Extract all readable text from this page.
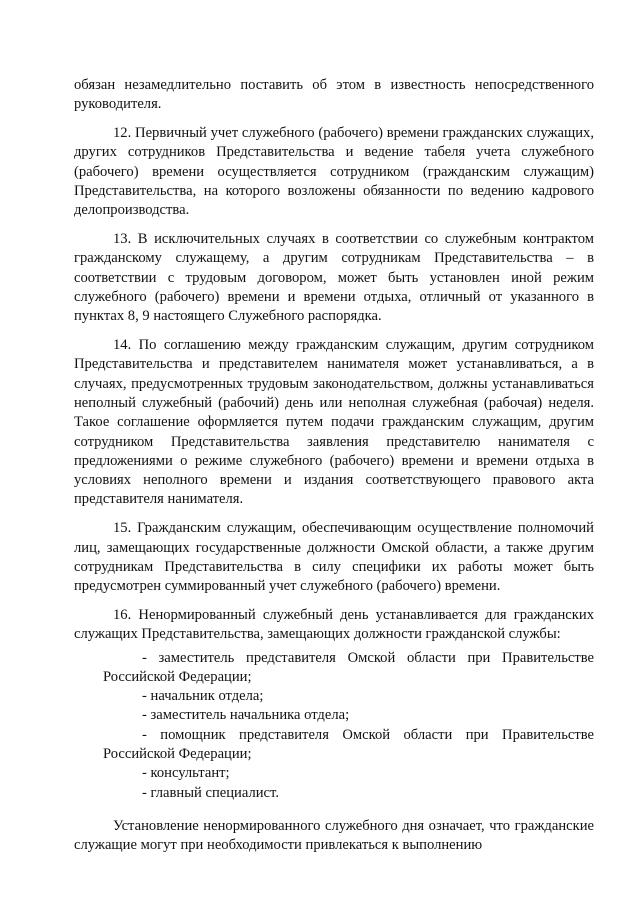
обязан незамедлительно поставить об этом в известность непосредственного руководителя.

12. Первичный учет служебного (рабочего) времени гражданских служащих, других сотрудников Представительства и ведение табеля учета служебного (рабочего) времени осуществляется сотрудником (гражданским служащим) Представительства, на которого возложены обязанности по ведению кадрового делопроизводства.

13. В исключительных случаях в соответствии со служебным контрактом гражданскому служащему, а другим сотрудникам Представительства – в соответствии с трудовым договором, может быть установлен иной режим служебного (рабочего) времени и времени отдыха, отличный от указанного в пунктах 8, 9 настоящего Служебного распорядка.

14. По соглашению между гражданским служащим, другим сотрудником Представительства и представителем нанимателя может устанавливаться, а в случаях, предусмотренных трудовым законодательством, должны устанавливаться неполный служебный (рабочий) день или неполная служебная (рабочая) неделя. Такое соглашение оформляется путем подачи гражданским служащим, другим сотрудником Представительства заявления представителю нанимателя с предложениями о режиме служебного (рабочего) времени и времени отдыха в условиях неполного времени и издания соответствующего правового акта представителя нанимателя.

15. Гражданским служащим, обеспечивающим осуществление полномочий лиц, замещающих государственные должности Омской области, а также другим сотрудникам Представительства в силу специфики их работы может быть предусмотрен суммированный учет служебного (рабочего) времени.

16. Ненормированный служебный день устанавливается для гражданских служащих Представительства, замещающих должности гражданской службы:

- заместитель представителя Омской области при Правительстве Российской Федерации;
- начальник отдела;
- заместитель начальника отдела;
- помощник представителя Омской области при Правительстве Российской Федерации;
- консультант;
- главный специалист.

Установление ненормированного служебного дня означает, что гражданские служащие могут при необходимости привлекаться к выполнению
